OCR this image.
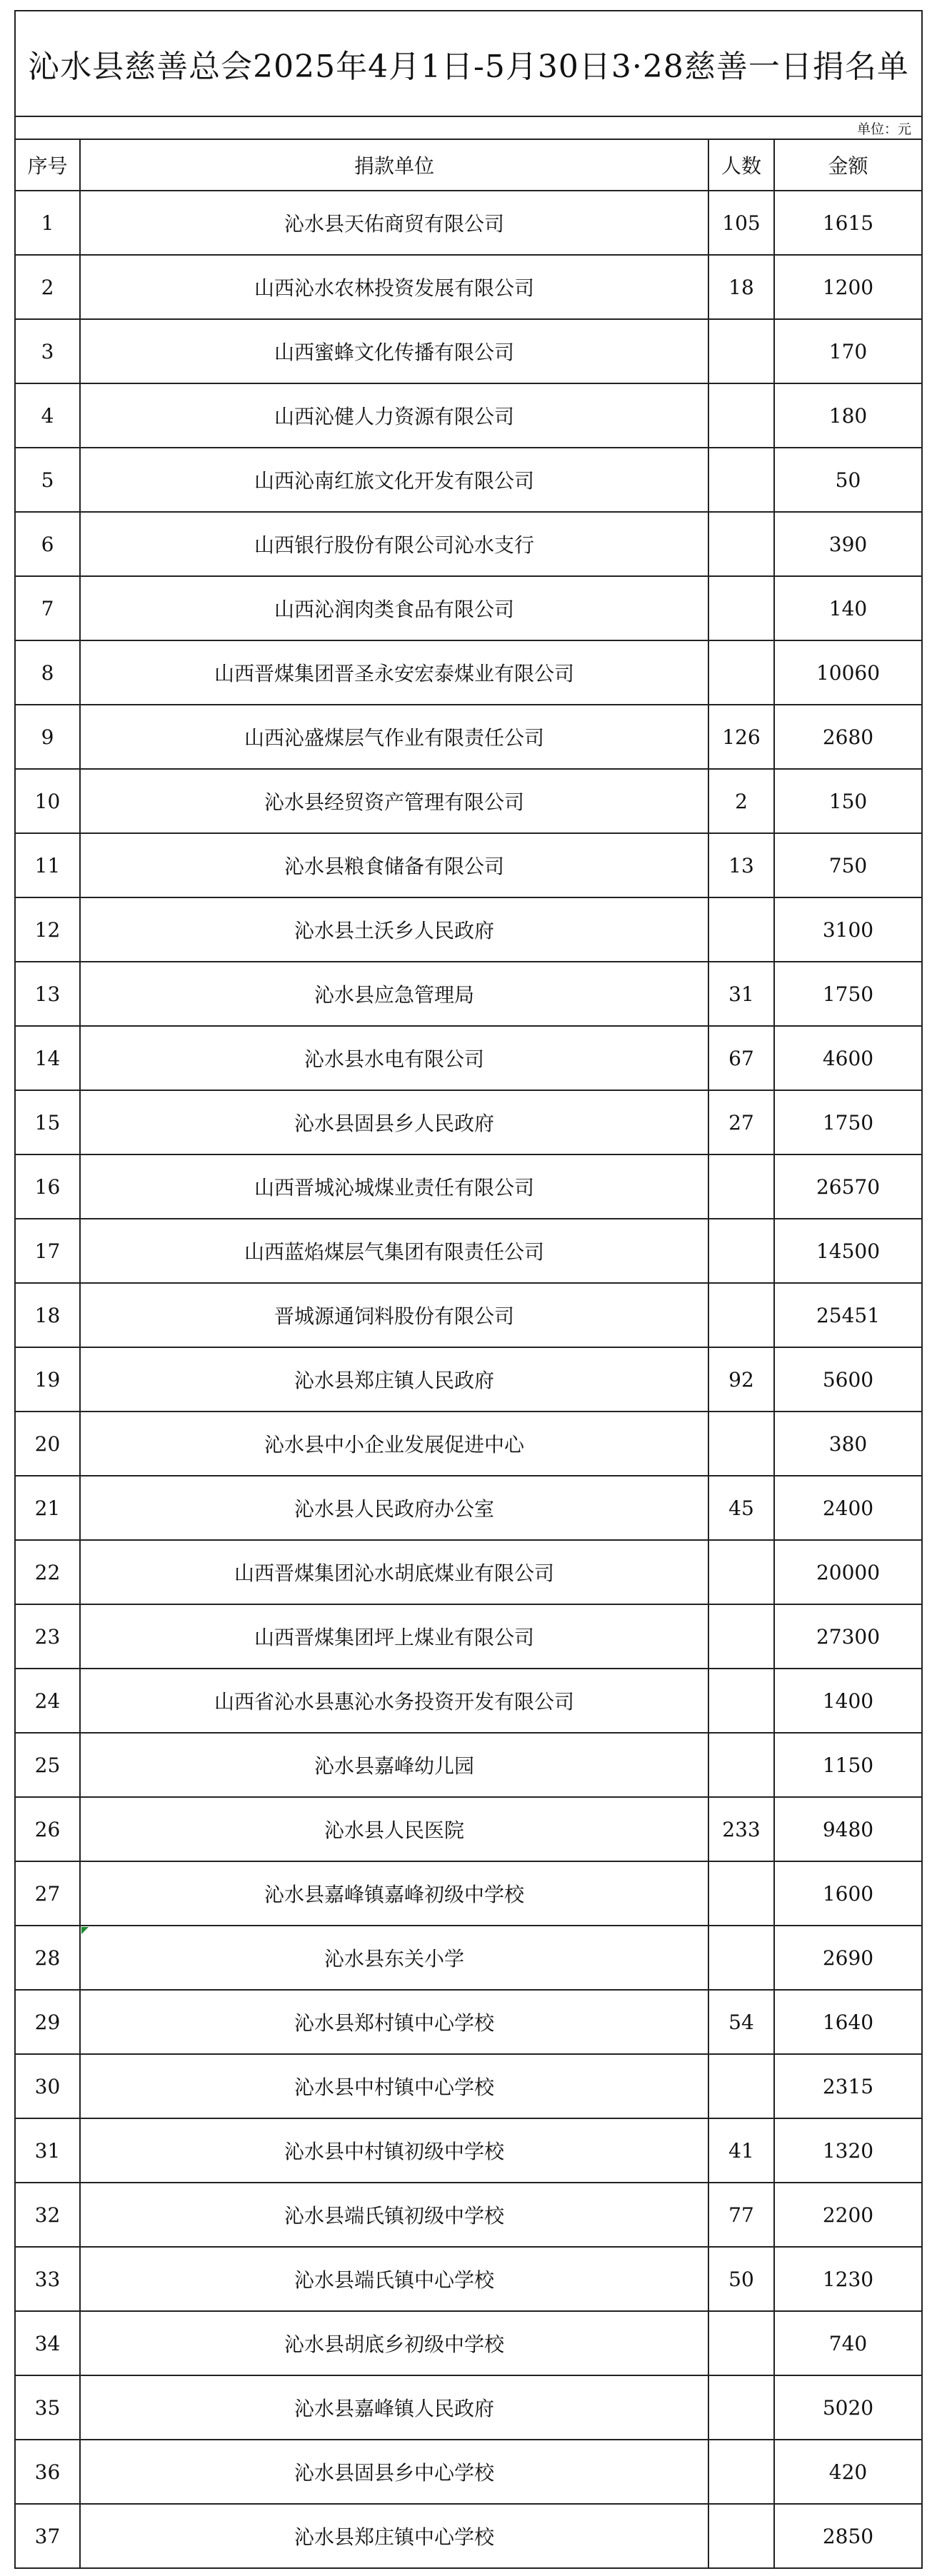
沁水县慈善总会2025年4月1日-5月30日3·28慈善一日捐名单
单位：元
序号	捐款单位	人数	金额
1	沁水县天佑商贸有限公司	105	1615
2	山西沁水农林投资发展有限公司	18	1200
3	山西蜜蜂文化传播有限公司		170
4	山西沁健人力资源有限公司		180
5	山西沁南红旅文化开发有限公司		50
6	山西银行股份有限公司沁水支行		390
7	山西沁润肉类食品有限公司		140
8	山西晋煤集团晋圣永安宏泰煤业有限公司		10060
9	山西沁盛煤层气作业有限责任公司	126	2680
10	沁水县经贸资产管理有限公司	2	150
11	沁水县粮食储备有限公司	13	750
12	沁水县土沃乡人民政府		3100
13	沁水县应急管理局	31	1750
14	沁水县水电有限公司	67	4600
15	沁水县固县乡人民政府	27	1750
16	山西晋城沁城煤业责任有限公司		26570
17	山西蓝焰煤层气集团有限责任公司		14500
18	晋城源通饲料股份有限公司		25451
19	沁水县郑庄镇人民政府	92	5600
20	沁水县中小企业发展促进中心		380
21	沁水县人民政府办公室	45	2400
22	山西晋煤集团沁水胡底煤业有限公司		20000
23	山西晋煤集团坪上煤业有限公司		27300
24	山西省沁水县惠沁水务投资开发有限公司		1400
25	沁水县嘉峰幼儿园		1150
26	沁水县人民医院	233	9480
27	沁水县嘉峰镇嘉峰初级中学校		1600
28	沁水县东关小学		2690
29	沁水县郑村镇中心学校	54	1640
30	沁水县中村镇中心学校		2315
31	沁水县中村镇初级中学校	41	1320
32	沁水县端氏镇初级中学校	77	2200
33	沁水县端氏镇中心学校	50	1230
34	沁水县胡底乡初级中学校		740
35	沁水县嘉峰镇人民政府		5020
36	沁水县固县乡中心学校		420
37	沁水县郑庄镇中心学校		2850
